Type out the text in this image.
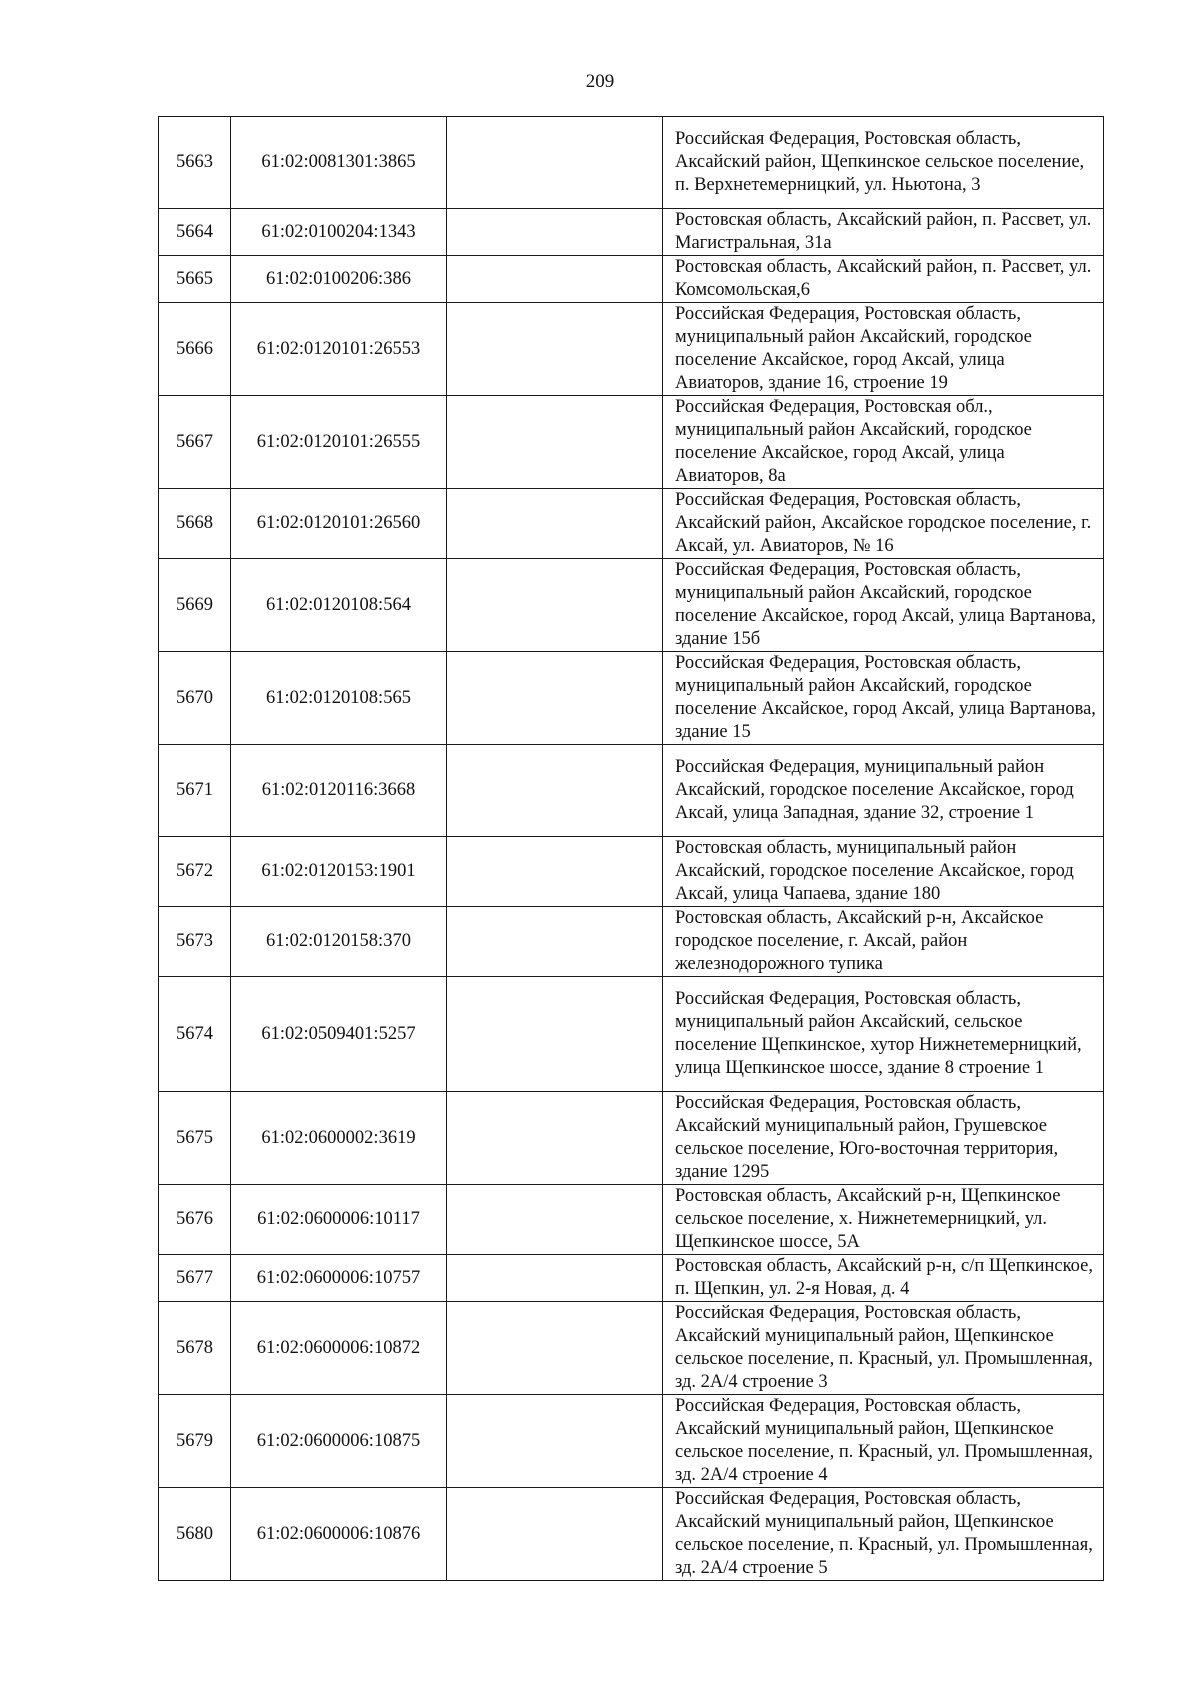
209
5663	61:02:0081301:3865		Российская Федерация, Ростовская область, Аксайский район, Щепкинское сельское поселение, п. Верхнетемерницкий, ул. Ньютона, 3
5664	61:02:0100204:1343		Ростовская область, Аксайский район, п. Рассвет, ул. Магистральная, 31а
5665	61:02:0100206:386		Ростовская область, Аксайский район, п. Рассвет, ул. Комсомольская,6
5666	61:02:0120101:26553		Российская Федерация, Ростовская область, муниципальный район Аксайский, городское поселение Аксайское, город Аксай, улица Авиаторов, здание 16, строение 19
5667	61:02:0120101:26555		Российская Федерация, Ростовская обл., муниципальный район Аксайский, городское поселение Аксайское, город Аксай, улица Авиаторов, 8а
5668	61:02:0120101:26560		Российская Федерация, Ростовская область, Аксайский район, Аксайское городское поселение, г. Аксай, ул. Авиаторов, № 16
5669	61:02:0120108:564		Российская Федерация, Ростовская область, муниципальный район Аксайский, городское поселение Аксайское, город Аксай, улица Вартанова, здание 15б
5670	61:02:0120108:565		Российская Федерация, Ростовская область, муниципальный район Аксайский, городское поселение Аксайское, город Аксай, улица Вартанова, здание 15
5671	61:02:0120116:3668		Российская Федерация, муниципальный район Аксайский, городское поселение Аксайское, город Аксай, улица Западная, здание 32, строение 1
5672	61:02:0120153:1901		Ростовская область, муниципальный район Аксайский, городское поселение Аксайское, город Аксай, улица Чапаева, здание 180
5673	61:02:0120158:370		Ростовская область, Аксайский р-н, Аксайское городское поселение, г. Аксай, район железнодорожного тупика
5674	61:02:0509401:5257		Российская Федерация, Ростовская область, муниципальный район Аксайский, сельское поселение Щепкинское, хутор Нижнетемерницкий, улица Щепкинское шоссе, здание 8 строение 1
5675	61:02:0600002:3619		Российская Федерация, Ростовская область, Аксайский муниципальный район, Грушевское сельское поселение, Юго-восточная территория, здание 1295
5676	61:02:0600006:10117		Ростовская область, Аксайский р-н, Щепкинское сельское поселение, х. Нижнетемерницкий, ул. Щепкинское шоссе, 5А
5677	61:02:0600006:10757		Ростовская область, Аксайский р-н, с/п Щепкинское, п. Щепкин, ул. 2-я Новая, д. 4
5678	61:02:0600006:10872		Российская Федерация, Ростовская область, Аксайский муниципальный район, Щепкинское сельское поселение, п. Красный, ул. Промышленная, зд. 2А/4 строение 3
5679	61:02:0600006:10875		Российская Федерация, Ростовская область, Аксайский муниципальный район, Щепкинское сельское поселение, п. Красный, ул. Промышленная, зд. 2А/4 строение 4
5680	61:02:0600006:10876		Российская Федерация, Ростовская область, Аксайский муниципальный район, Щепкинское сельское поселение, п. Красный, ул. Промышленная, зд. 2А/4 строение 5
